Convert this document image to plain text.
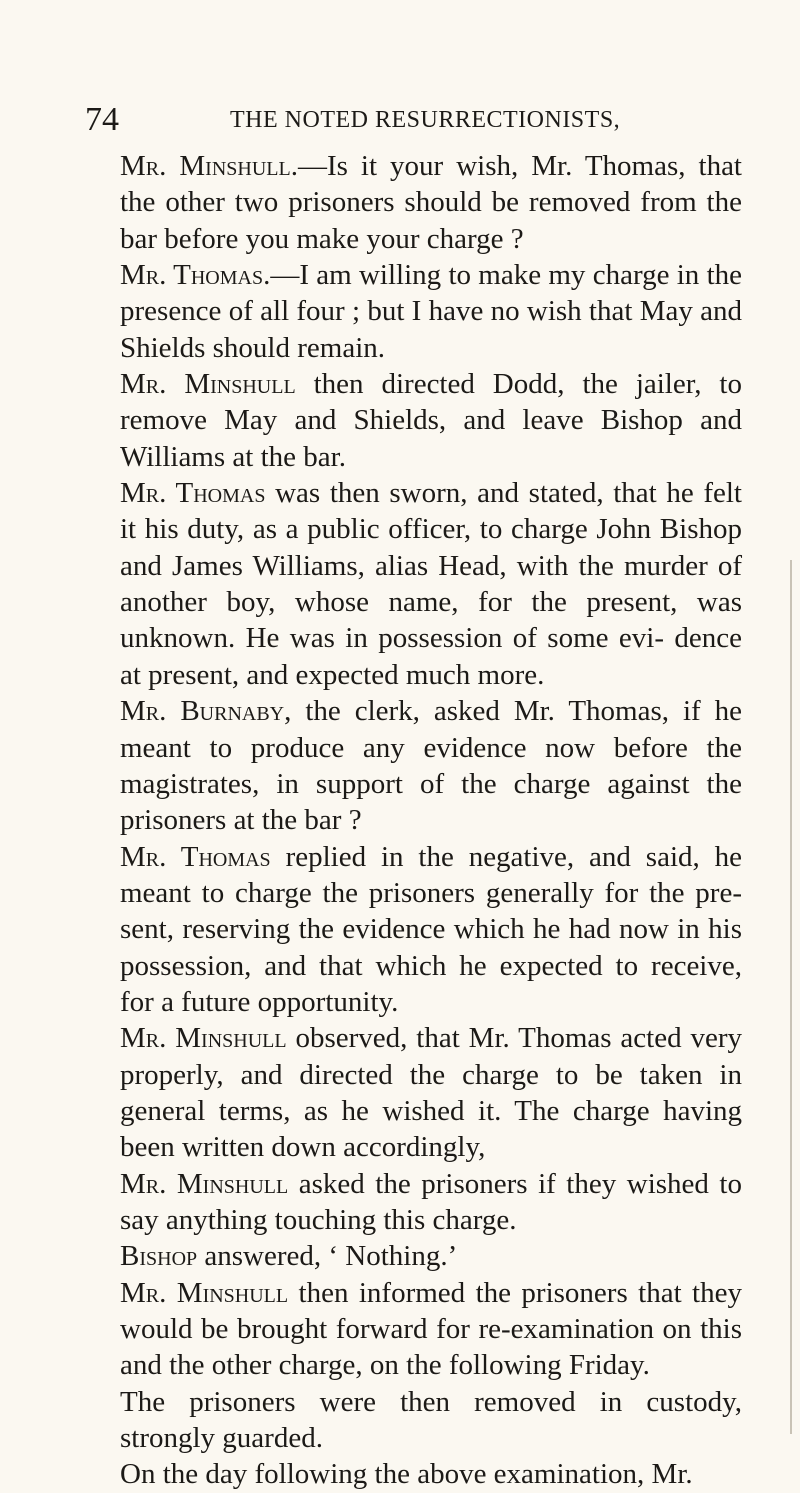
74	THE NOTED RESURRECTIONISTS,

Mr. Minshull.—Is it your wish, Mr. Thomas, that the other two prisoners should be removed from the bar before you make your charge ?

Mr. Thomas.—I am willing to make my charge in the presence of all four ; but I have no wish that May and Shields should remain.

Mr. Minshull then directed Dodd, the jailer, to remove May and Shields, and leave Bishop and Williams at the bar.

Mr. Thomas was then sworn, and stated, that he felt it his duty, as a public officer, to charge John Bishop and James Williams, alias Head, with the murder of another boy, whose name, for the present, was unknown. He was in possession of some evi- dence at present, and expected much more.

Mr. Burnaby, the clerk, asked Mr. Thomas, if he meant to produce any evidence now before the magistrates, in support of the charge against the prisoners at the bar ?

Mr. Thomas replied in the negative, and said, he meant to charge the prisoners generally for the pre- sent, reserving the evidence which he had now in his possession, and that which he expected to receive, for a future opportunity.

Mr. Minshull observed, that Mr. Thomas acted very properly, and directed the charge to be taken in general terms, as he wished it. The charge having been written down accordingly,

Mr. Minshull asked the prisoners if they wished to say anything touching this charge.

Bishop answered, ‘ Nothing.’

Mr. Minshull then informed the prisoners that they would be brought forward for re-examination on this and the other charge, on the following Friday.

The prisoners were then removed in custody, strongly guarded.

On the day following the above examination, Mr.
